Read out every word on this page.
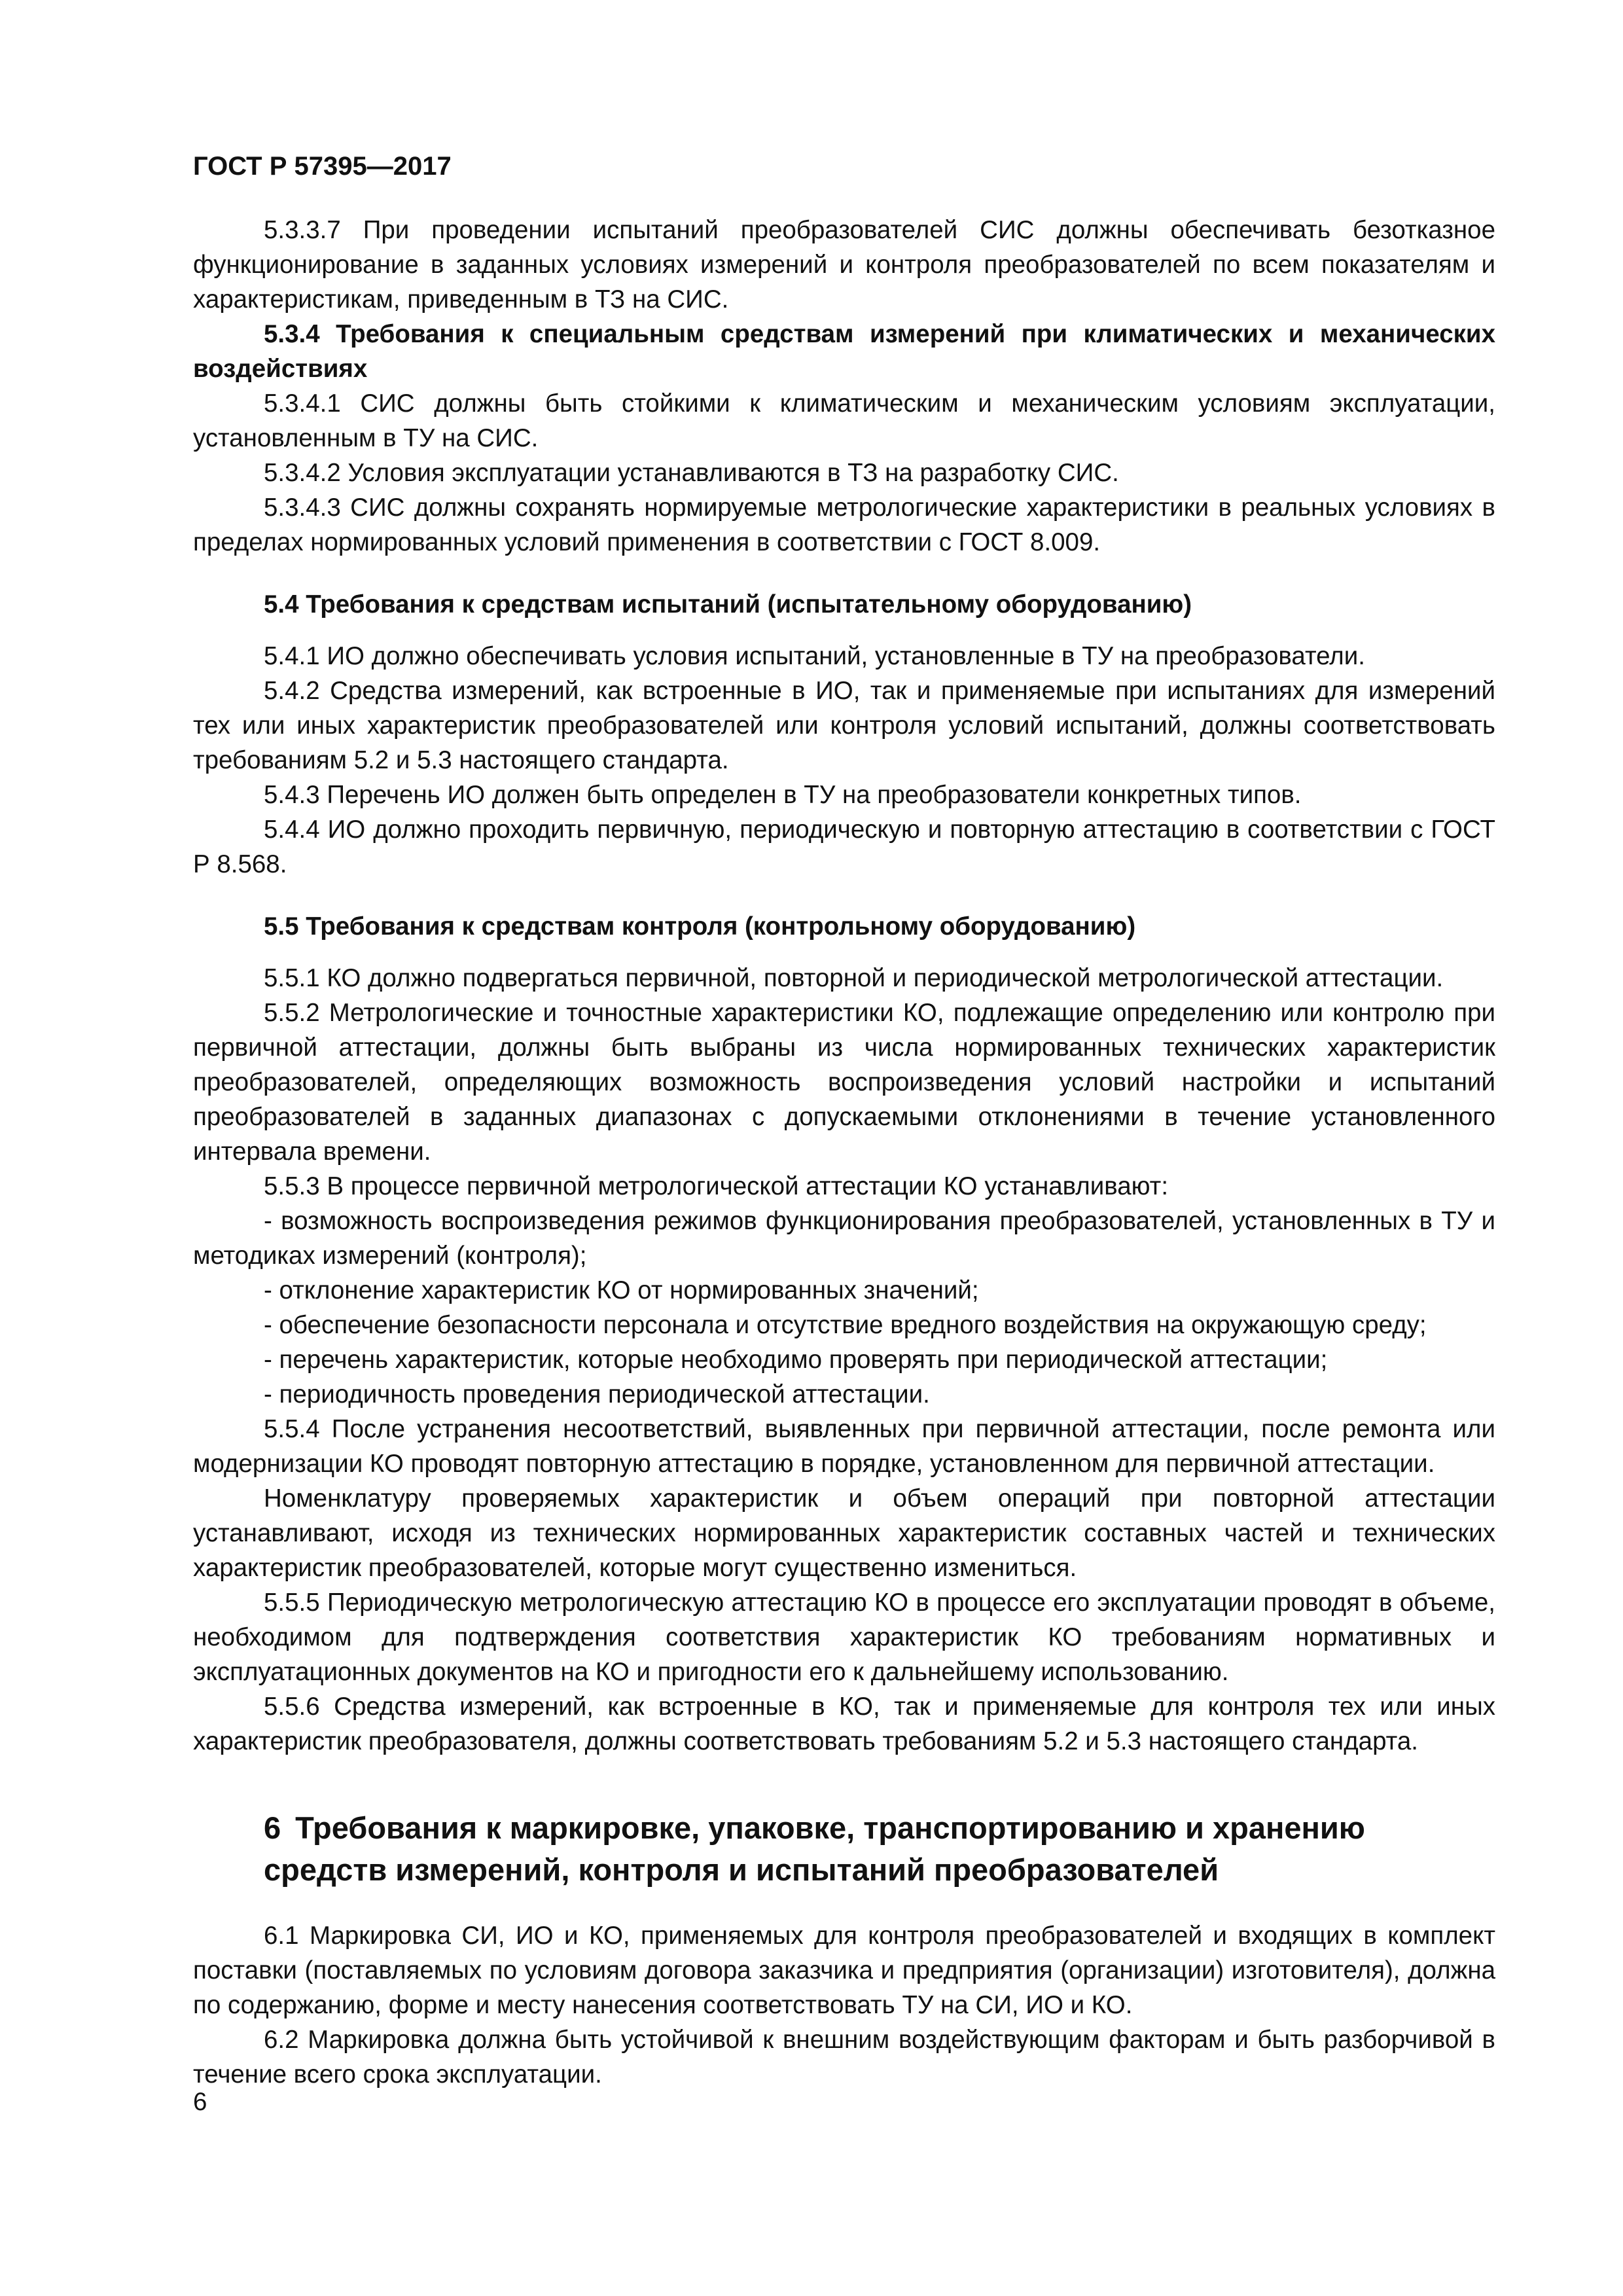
ГОСТ Р 57395—2017

5.3.3.7 При проведении испытаний преобразователей СИС должны обеспечивать безотказное функционирование в заданных условиях измерений и контроля преобразователей по всем показателям и характеристикам, приведенным в ТЗ на СИС.

5.3.4 Требования к специальным средствам измерений при климатических и механических воздействиях

5.3.4.1 СИС должны быть стойкими к климатическим и механическим условиям эксплуатации, установленным в ТУ на СИС.

5.3.4.2 Условия эксплуатации устанавливаются в ТЗ на разработку СИС.

5.3.4.3 СИС должны сохранять нормируемые метрологические характеристики в реальных условиях в пределах нормированных условий применения в соответствии с ГОСТ 8.009.

5.4 Требования к средствам испытаний (испытательному оборудованию)

5.4.1 ИО должно обеспечивать условия испытаний, установленные в ТУ на преобразователи.

5.4.2 Средства измерений, как встроенные в ИО, так и применяемые при испытаниях для измерений тех или иных характеристик преобразователей или контроля условий испытаний, должны соответствовать требованиям 5.2 и 5.3 настоящего стандарта.

5.4.3 Перечень ИО должен быть определен в ТУ на преобразователи конкретных типов.

5.4.4 ИО должно проходить первичную, периодическую и повторную аттестацию в соответствии с ГОСТ Р 8.568.

5.5 Требования к средствам контроля (контрольному оборудованию)

5.5.1 КО должно подвергаться первичной, повторной и периодической метрологической аттестации.

5.5.2 Метрологические и точностные характеристики КО, подлежащие определению или контролю при первичной аттестации, должны быть выбраны из числа нормированных технических характеристик преобразователей, определяющих возможность воспроизведения условий настройки и испытаний преобразователей в заданных диапазонах с допускаемыми отклонениями в течение установленного интервала времени.

5.5.3 В процессе первичной метрологической аттестации КО устанавливают:

- возможность воспроизведения режимов функционирования преобразователей, установленных в ТУ и методиках измерений (контроля);

- отклонение характеристик КО от нормированных значений;

- обеспечение безопасности персонала и отсутствие вредного воздействия на окружающую среду;

- перечень характеристик, которые необходимо проверять при периодической аттестации;

- периодичность проведения периодической аттестации.

5.5.4 После устранения несоответствий, выявленных при первичной аттестации, после ремонта или модернизации КО проводят повторную аттестацию в порядке, установленном для первичной аттестации.

Номенклатуру проверяемых характеристик и объем операций при повторной аттестации устанавливают, исходя из технических нормированных характеристик составных частей и технических характеристик преобразователей, которые могут существенно измениться.

5.5.5 Периодическую метрологическую аттестацию КО в процессе его эксплуатации проводят в объеме, необходимом для подтверждения соответствия характеристик КО требованиям нормативных и эксплуатационных документов на КО и пригодности его к дальнейшему использованию.

5.5.6 Средства измерений, как встроенные в КО, так и применяемые для контроля тех или иных характеристик преобразователя, должны соответствовать требованиям 5.2 и 5.3 настоящего стандарта.

6 Требования к маркировке, упаковке, транспортированию и хранению средств измерений, контроля и испытаний преобразователей

6.1 Маркировка СИ, ИО и КО, применяемых для контроля преобразователей и входящих в комплект поставки (поставляемых по условиям договора заказчика и предприятия (организации) изготовителя), должна по содержанию, форме и месту нанесения соответствовать ТУ на СИ, ИО и КО.

6.2 Маркировка должна быть устойчивой к внешним воздействующим факторам и быть разборчивой в течение всего срока эксплуатации.

6
